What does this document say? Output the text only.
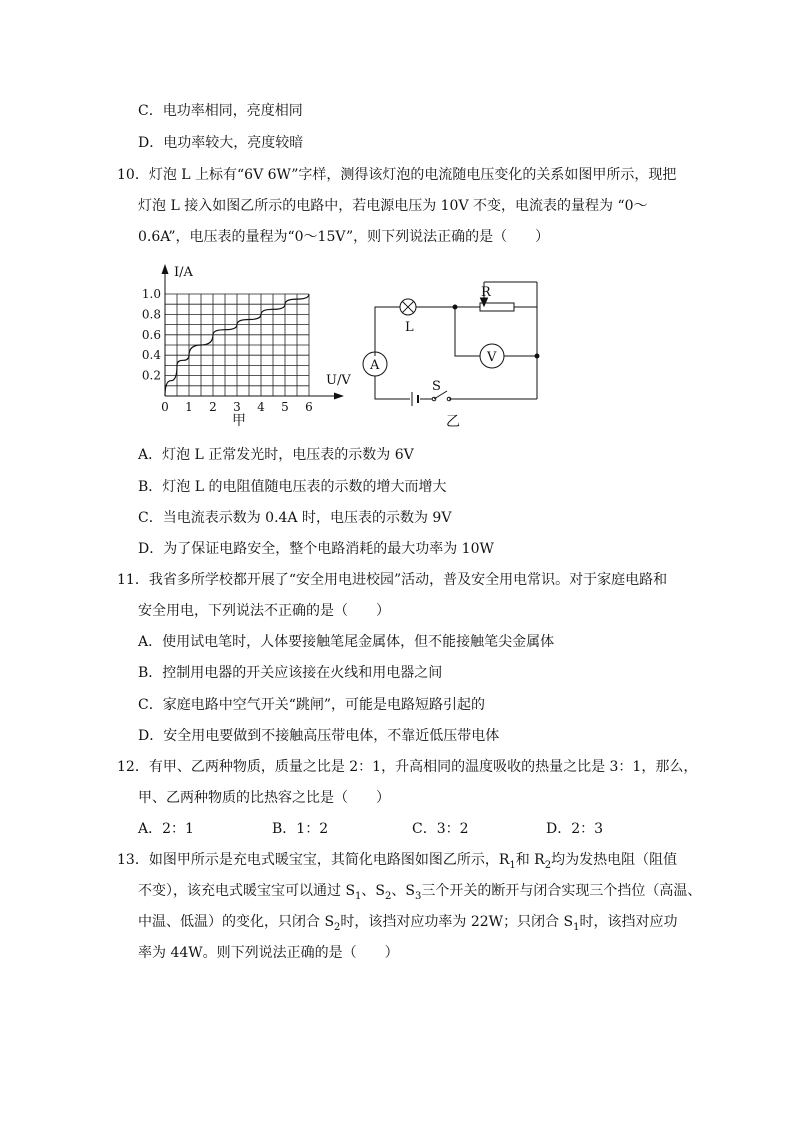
C．电功率相同，亮度相同
D．电功率较大，亮度较暗
10．灯泡 L 上标有“6V 6W”字样，测得该灯泡的电流随电压变化的关系如图甲所示，现把
灯泡 L 接入如图乙所示的电路中，若电源电压为 10V 不变，电流表的量程为 “0～
0.6A”，电压表的量程为“0～15V”，则下列说法正确的是（　　）
I/A
U/V
1.0
0.8
0.6
0.4
0.2
0 1 2 3 4 5 6
甲
L
R
V
A
S
乙
A．灯泡 L 正常发光时，电压表的示数为 6V
B．灯泡 L 的电阻值随电压表的示数的增大而增大
C．当电流表示数为 0.4A 时，电压表的示数为 9V
D．为了保证电路安全，整个电路消耗的最大功率为 10W
11．我省多所学校都开展了“安全用电进校园”活动，普及安全用电常识。对于家庭电路和
安全用电，下列说法不正确的是（　　）
A．使用试电笔时，人体要接触笔尾金属体，但不能接触笔尖金属体
B．控制用电器的开关应该接在火线和用电器之间
C．家庭电路中空气开关“跳闸”，可能是电路短路引起的
D．安全用电要做到不接触高压带电体，不靠近低压带电体
12．有甲、乙两种物质，质量之比是 2：1，升高相同的温度吸收的热量之比是 3：1，那么，
甲、乙两种物质的比热容之比是（　　）
A．2：1	B．1：2	C．3：2	D．2：3
13．如图甲所示是充电式暖宝宝，其简化电路图如图乙所示，$R_1$和 $R_2$均为发热电阻（阻值
不变），该充电式暖宝宝可以通过 $S_1$、$S_2$、$S_3$三个开关的断开与闭合实现三个挡位（高温、
中温、低温）的变化，只闭合 $S_2$时，该挡对应功率为 22W；只闭合 $S_1$时，该挡对应功
率为 44W。则下列说法正确的是（　　）
